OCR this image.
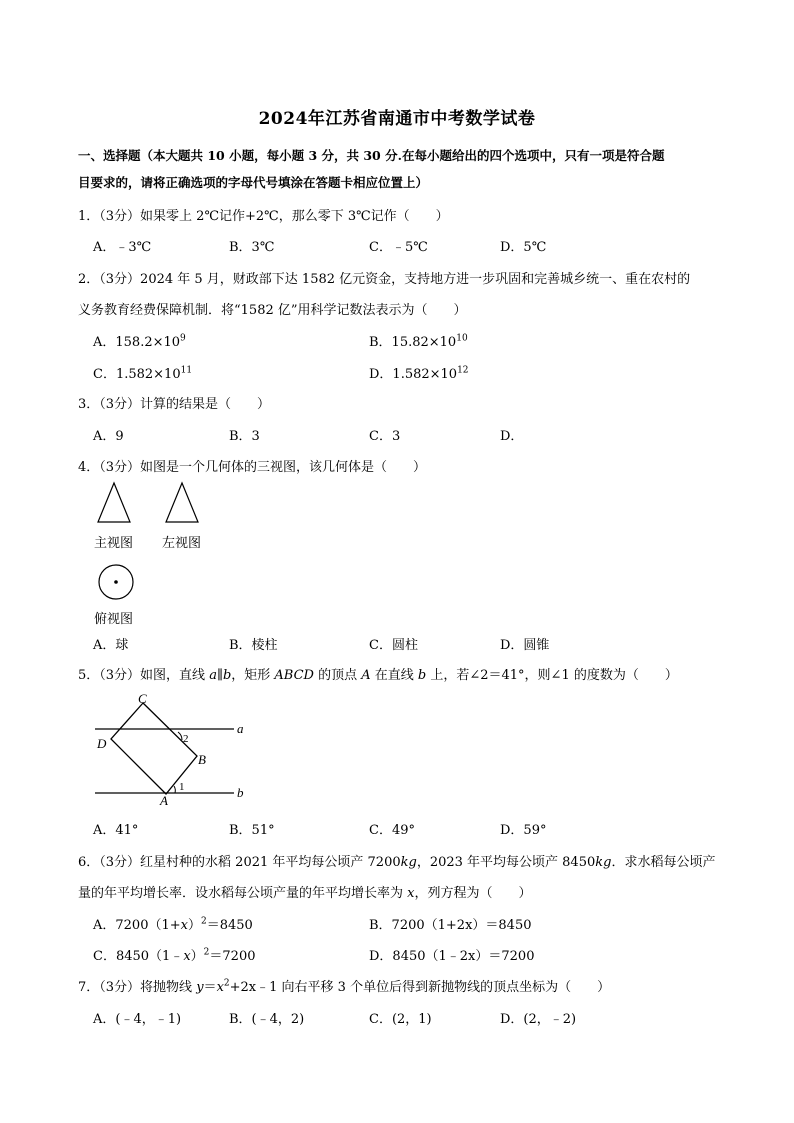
2024年江苏省南通市中考数学试卷
一、选择题（本大题共 10 小题，每小题 3 分，共 30 分.在每小题给出的四个选项中，只有一项是符合题
目要求的，请将正确选项的字母代号填涂在答题卡相应位置上）
1．（3分）如果零上 2℃记作+2℃，那么零下 3℃记作（　　）
A．﹣3℃	B．3℃	C．﹣5℃	D．5℃
2．（3分）2024 年 5 月，财政部下达 1582 亿元资金，支持地方进一步巩固和完善城乡统一、重在农村的
义务教育经费保障机制．将“1582 亿”用科学记数法表示为（　　）
A．$158.2\times 10^9$	B．$15.82\times 10^{10}$
C．$1.582\times 10^{11}$	D．$1.582\times 10^{12}$
3．（3分）计算的结果是（　　）
A．9	B．3	C．3	D．
4．（3分）如图是一个几何体的三视图，该几何体是（　　）
主视图 左视图
俯视图
A．球	B．棱柱	C．圆柱	D．圆锥
5．（3分）如图，直线 a∥b，矩形 ABCD 的顶点 A 在直线 b 上，若∠2＝41°，则∠1 的度数为（　　）
C
D
B
A
a
b
2
1
A．41°	B．51°	C．49°	D．59°
6．（3分）红星村种的水稻 2021 年平均每公顷产 7200kg，2023 年平均每公顷产 8450kg．求水稻每公顷产
量的年平均增长率．设水稻每公顷产量的年平均增长率为 x，列方程为（　　）
A．$7200(1+x)^2=8450$	B．7200（1+2x）＝8450
C．8450（1﹣x）$^2$＝7200	D．8450（1﹣2x）＝7200
7．（3分）将抛物线 $y=x^2+2x﹣1$ 向右平移 3 个单位后得到新抛物线的顶点坐标为（　　）
A．(﹣4，﹣1)	B．(﹣4，2)	C．(2，1)	D．(2，﹣2)
